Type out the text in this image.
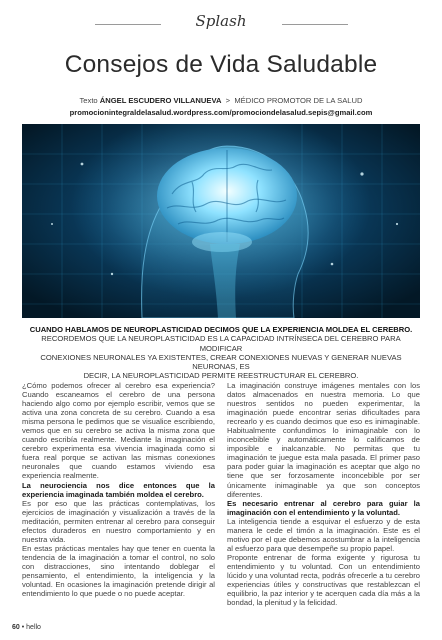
Splash
Consejos de Vida Saludable
Texto ÁNGEL ESCUDERO VILLANUEVA > MÉDICO PROMOTOR DE LA SALUD
promocionintegraldelasalud.wordpress.com/promociondelasalud.sepis@gmail.com
CUANDO HABLAMOS DE NEUROPLASTICIDAD DECIMOS QUE LA EXPERIENCIA MOLDEA EL CEREBRO.
RECORDEMOS QUE LA NEUROPLASTICIDAD ES LA CAPACIDAD INTRÍNSECA DEL CEREBRO PARA MODIFICAR
CONEXIONES NEURONALES YA EXISTENTES, CREAR CONEXIONES NUEVAS Y GENERAR NUEVAS NEURONAS, ES
DECIR, LA NEUROPLASTICIDAD PERMITE REESTRUCTURAR EL CEREBRO.

¿Cómo podemos ofrecer al cerebro esa experiencia? Cuando escaneamos el cerebro de una persona haciendo algo como por ejemplo escribir, vemos que se activa una zona concreta de su cerebro. Cuando a esa misma persona le pedimos que se visualice escribiendo, vemos que en su cerebro se activa la misma zona que cuando escribía realmente. Mediante la imaginación el cerebro experimenta esa vivencia imaginada como si fuera real porque se activan las mismas conexiones neuronales que cuando estamos viviendo esa experiencia realmente.

La neurociencia nos dice entonces que la experiencia imaginada también moldea el cerebro.

Es por eso que las prácticas contemplativas, los ejercicios de imaginación y visualización a través de la meditación, permiten entrenar al cerebro para conseguir efectos duraderos en nuestro comportamiento y en nuestra vida.

En estas prácticas mentales hay que tener en cuenta la tendencia de la imaginación a tomar el control, no solo con distracciones, sino intentando doblegar el pensamiento, el entendimiento, la inteligencia y la voluntad. En ocasiones la imaginación pretende dirigir al entendimiento lo que puede o no puede aceptar.

La imaginación construye imágenes mentales con los datos almacenados en nuestra memoria. Lo que nuestros sentidos no pueden experimentar, la imaginación puede encontrar serias dificultades para recrearlo y es cuando decimos que eso es inimaginable. Habitualmente confundimos lo inimaginable con lo inconcebible y automáticamente lo calificamos de imposible e inalcanzable. No permitas que tu imaginación te juegue esta mala pasada. El primer paso para poder guiar la imaginación es aceptar que algo no tiene que ser forzosamente inconcebible por ser únicamente inimaginable ya que son conceptos diferentes.

Es necesario entrenar al cerebro para guiar la imaginación con el entendimiento y la voluntad.

La inteligencia tiende a esquivar el esfuerzo y de esta manera le cede el timón a la imaginación. Este es el motivo por el que debemos acostumbrar a la inteligencia al esfuerzo para que desempeñe su propio papel.

Proponte entrenar de forma exigente y rigurosa tu entendimiento y tu voluntad. Con un entendimiento lúcido y una voluntad recta, podrás ofrecerle a tu cerebro experiencias útiles y constructivas que restablezcan el equilibrio, la paz interior y te acerquen cada día más a la bondad, la plenitud y la felicidad.

60 • hello
